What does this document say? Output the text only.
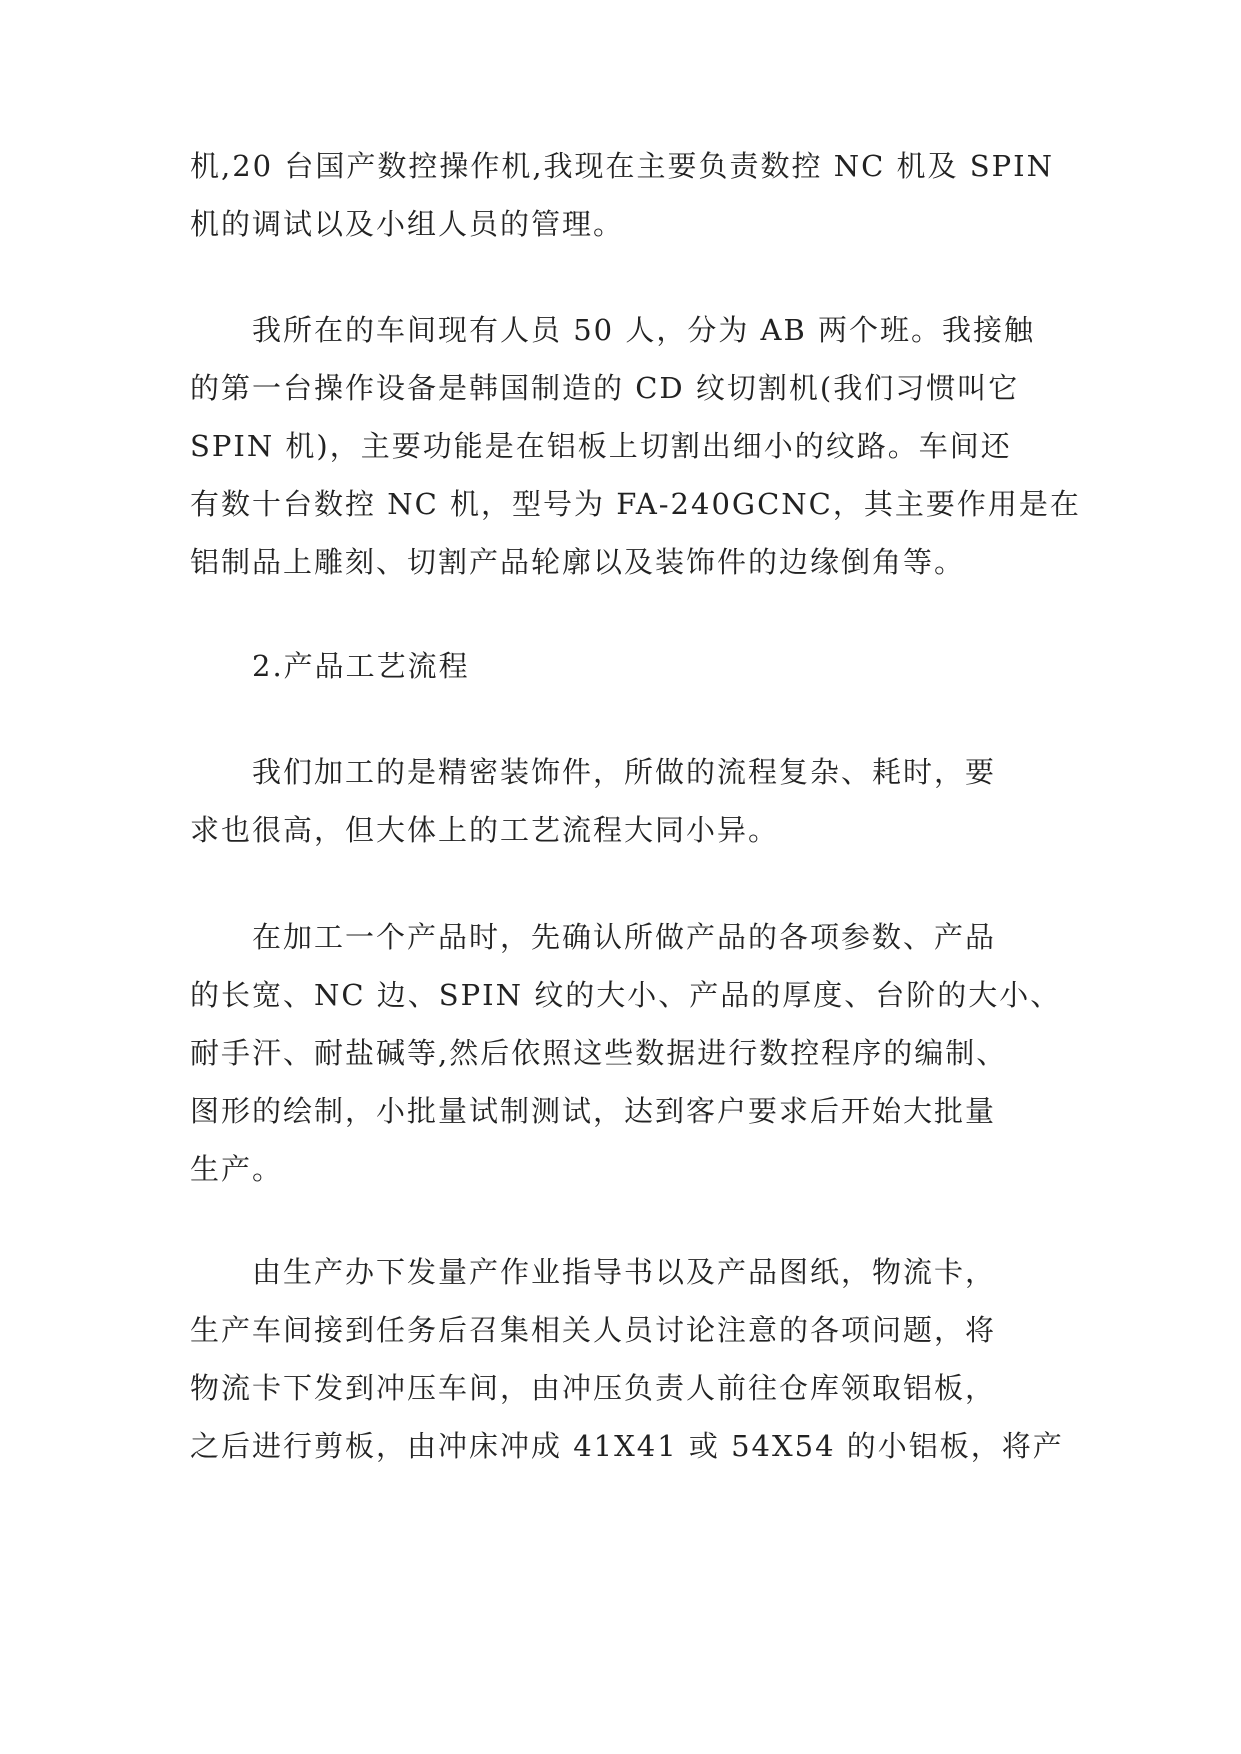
机,20 台国产数控操作机,我现在主要负责数控 NC 机及 SPIN
机的调试以及小组人员的管理。
我所在的车间现有人员 50 人，分为 AB 两个班。我接触
的第一台操作设备是韩国制造的 CD 纹切割机(我们习惯叫它
SPIN 机)，主要功能是在铝板上切割出细小的纹路。车间还
有数十台数控 NC 机，型号为 FA-240GCNC，其主要作用是在
铝制品上雕刻、切割产品轮廓以及装饰件的边缘倒角等。
2.产品工艺流程
我们加工的是精密装饰件，所做的流程复杂、耗时，要
求也很高，但大体上的工艺流程大同小异。
在加工一个产品时，先确认所做产品的各项参数、产品
的长宽、NC 边、SPIN 纹的大小、产品的厚度、台阶的大小、
耐手汗、耐盐碱等,然后依照这些数据进行数控程序的编制、
图形的绘制，小批量试制测试，达到客户要求后开始大批量
生产。
由生产办下发量产作业指导书以及产品图纸，物流卡，
生产车间接到任务后召集相关人员讨论注意的各项问题，将
物流卡下发到冲压车间，由冲压负责人前往仓库领取铝板，
之后进行剪板，由冲床冲成 41X41 或 54X54 的小铝板，将产
